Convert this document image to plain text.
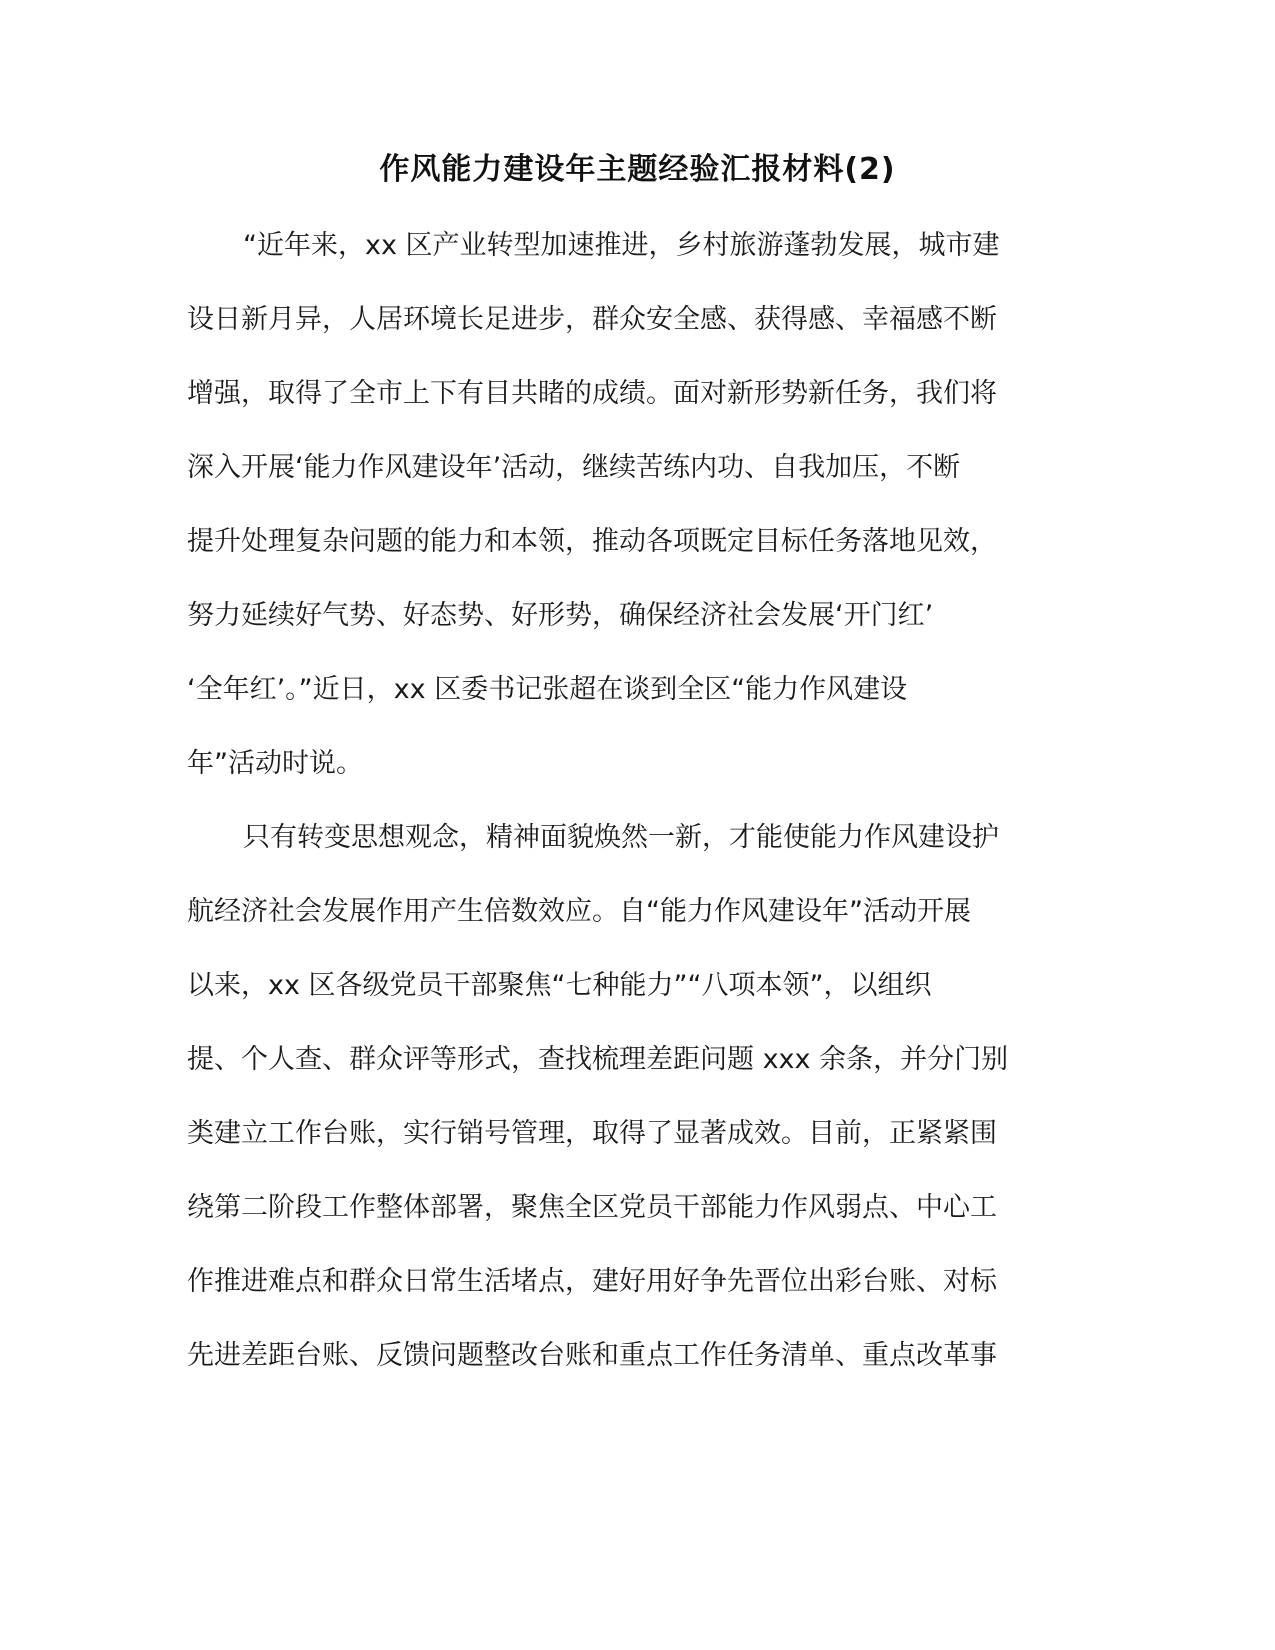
作风能力建设年主题经验汇报材料(2)

“近年来，xx 区产业转型加速推进，乡村旅游蓬勃发展，城市建

设日新月异，人居环境长足进步，群众安全感、获得感、幸福感不断

增强，取得了全市上下有目共睹的成绩。面对新形势新任务，我们将

深入开展‘能力作风建设年’活动，继续苦练内功、自我加压，不断

提升处理复杂问题的能力和本领，推动各项既定目标任务落地见效，

努力延续好气势、好态势、好形势，确保经济社会发展‘开门红’

‘全年红’。”近日，xx 区委书记张超在谈到全区“能力作风建设

年”活动时说。

只有转变思想观念，精神面貌焕然一新，才能使能力作风建设护

航经济社会发展作用产生倍数效应。自“能力作风建设年”活动开展

以来，xx 区各级党员干部聚焦“七种能力”“八项本领”，以组织

提、个人查、群众评等形式，查找梳理差距问题 xxx 余条，并分门别

类建立工作台账，实行销号管理，取得了显著成效。目前，正紧紧围

绕第二阶段工作整体部署，聚焦全区党员干部能力作风弱点、中心工

作推进难点和群众日常生活堵点，建好用好争先晋位出彩台账、对标

先进差距台账、反馈问题整改台账和重点工作任务清单、重点改革事
